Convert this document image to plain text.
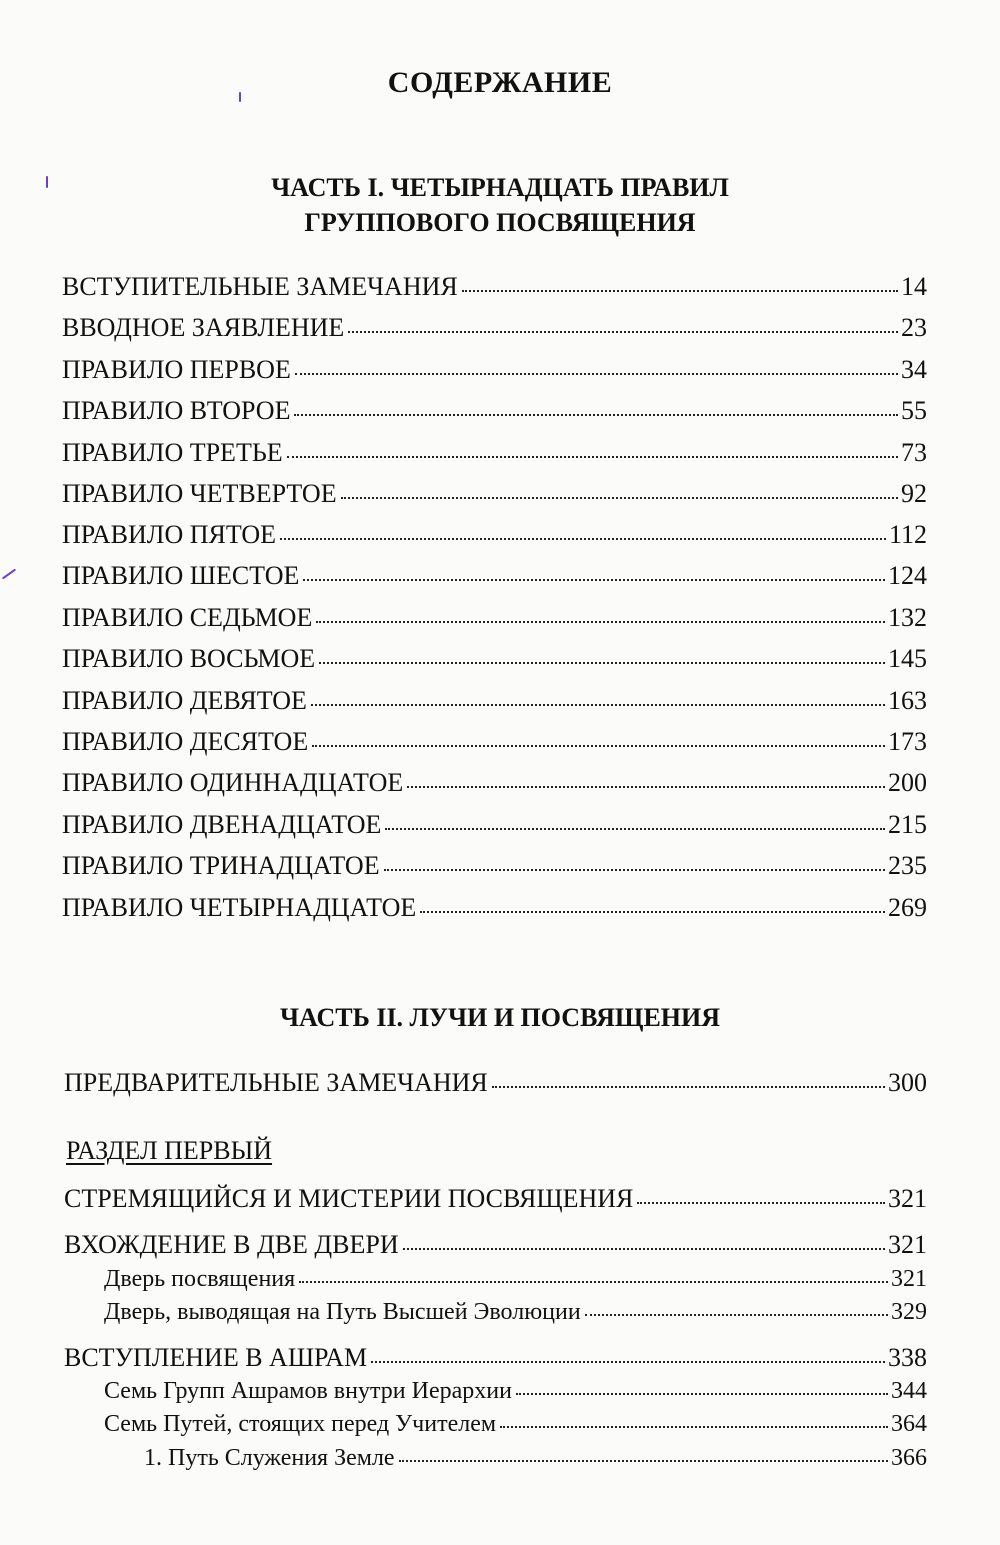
СОДЕРЖАНИЕ
ЧАСТЬ I. ЧЕТЫРНАДЦАТЬ ПРАВИЛ
ГРУППОВОГО ПОСВЯЩЕНИЯ
ВСТУПИТЕЛЬНЫЕ ЗАМЕЧАНИЯ	14
ВВОДНОЕ ЗАЯВЛЕНИЕ	23
ПРАВИЛО ПЕРВОЕ	34
ПРАВИЛО ВТОРОЕ	55
ПРАВИЛО ТРЕТЬЕ	73
ПРАВИЛО ЧЕТВЕРТОЕ	92
ПРАВИЛО ПЯТОЕ	112
ПРАВИЛО ШЕСТОЕ	124
ПРАВИЛО СЕДЬМОЕ	132
ПРАВИЛО ВОСЬМОЕ	145
ПРАВИЛО ДЕВЯТОЕ	163
ПРАВИЛО ДЕСЯТОЕ	173
ПРАВИЛО ОДИННАДЦАТОЕ	200
ПРАВИЛО ДВЕНАДЦАТОЕ	215
ПРАВИЛО ТРИНАДЦАТОЕ	235
ПРАВИЛО ЧЕТЫРНАДЦАТОЕ	269
ЧАСТЬ II. ЛУЧИ И ПОСВЯЩЕНИЯ
ПРЕДВАРИТЕЛЬНЫЕ ЗАМЕЧАНИЯ	300
РАЗДЕЛ ПЕРВЫЙ
СТРЕМЯЩИЙСЯ И МИСТЕРИИ ПОСВЯЩЕНИЯ	321
ВХОЖДЕНИЕ В ДВЕ ДВЕРИ	321
Дверь посвящения	321
Дверь, выводящая на Путь Высшей Эволюции	329
ВСТУПЛЕНИЕ В АШРАМ	338
Семь Групп Ашрамов внутри Иерархии	344
Семь Путей, стоящих перед Учителем	364
1. Путь Служения Земле	366
